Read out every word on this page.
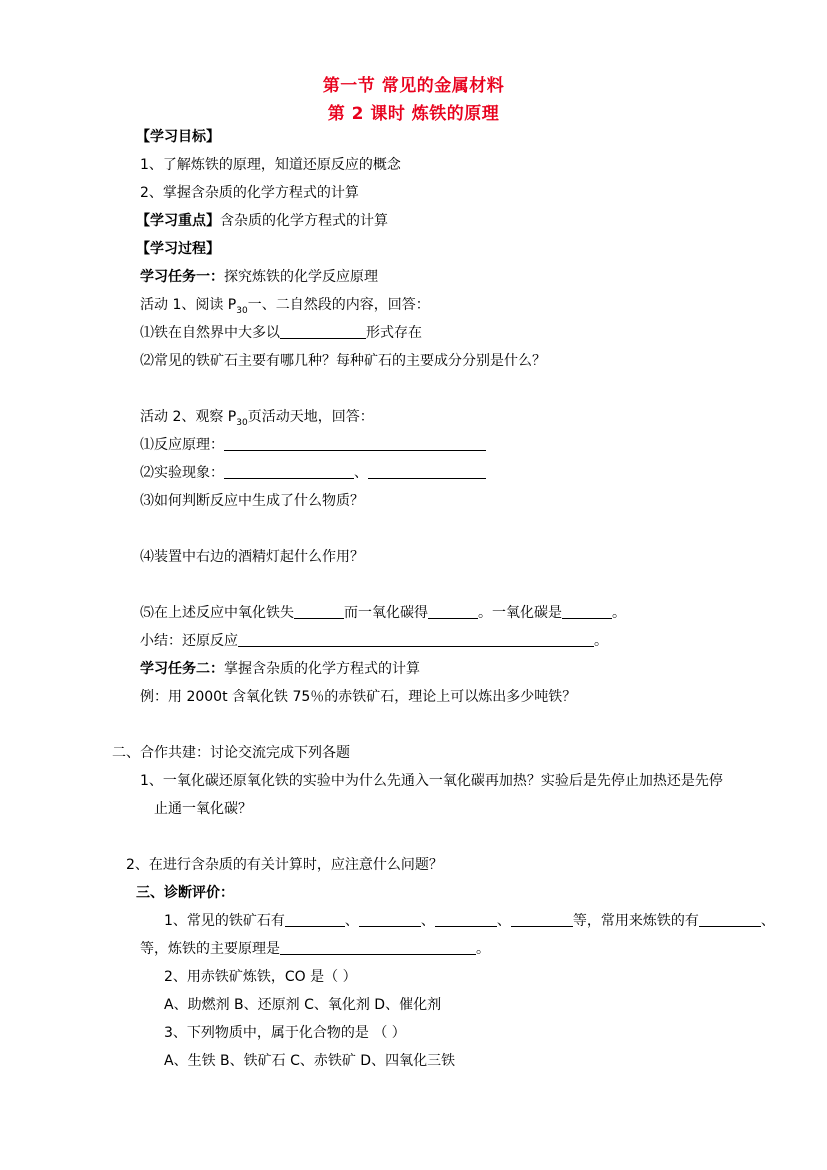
第一节 常见的金属材料
第 2 课时 炼铁的原理
【学习目标】
1、了解炼铁的原理，知道还原反应的概念
2、掌握含杂质的化学方程式的计算
【学习重点】含杂质的化学方程式的计算
【学习过程】
学习任务一：探究炼铁的化学反应原理
活动 1、阅读 $P_{30}$一、二自然段的内容，回答：
⑴铁在自然界中大多以	形式存在
⑵常见的铁矿石主要有哪几种？每种矿石的主要成分分别是什么？
活动 2、观察 $P_{30}$页活动天地，回答：
⑴反应原理：
⑵实验现象：	、
⑶如何判断反应中生成了什么物质？
⑷装置中右边的酒精灯起什么作用？
⑸在上述反应中氧化铁失	而一氧化碳得	。一氧化碳是	。
小结：还原反应	。
学习任务二：掌握含杂质的化学方程式的计算
例：用 2000t 含氧化铁 75％的赤铁矿石，理论上可以炼出多少吨铁？
二、合作共建：讨论交流完成下列各题
1、一氧化碳还原氧化铁的实验中为什么先通入一氧化碳再加热？实验后是先停止加热还是先停
止通一氧化碳？
2、在进行含杂质的有关计算时，应注意什么问题？
三、诊断评价：
1、常见的铁矿石有	、	、	、	等，常用来炼铁的有	、
等，炼铁的主要原理是	。
2、用赤铁矿炼铁，CO 是（ ）
A、助燃剂 B、还原剂 C、氧化剂 D、催化剂
3、下列物质中，属于化合物的是 （ ）
A、生铁 B、铁矿石 C、赤铁矿 D、四氧化三铁
